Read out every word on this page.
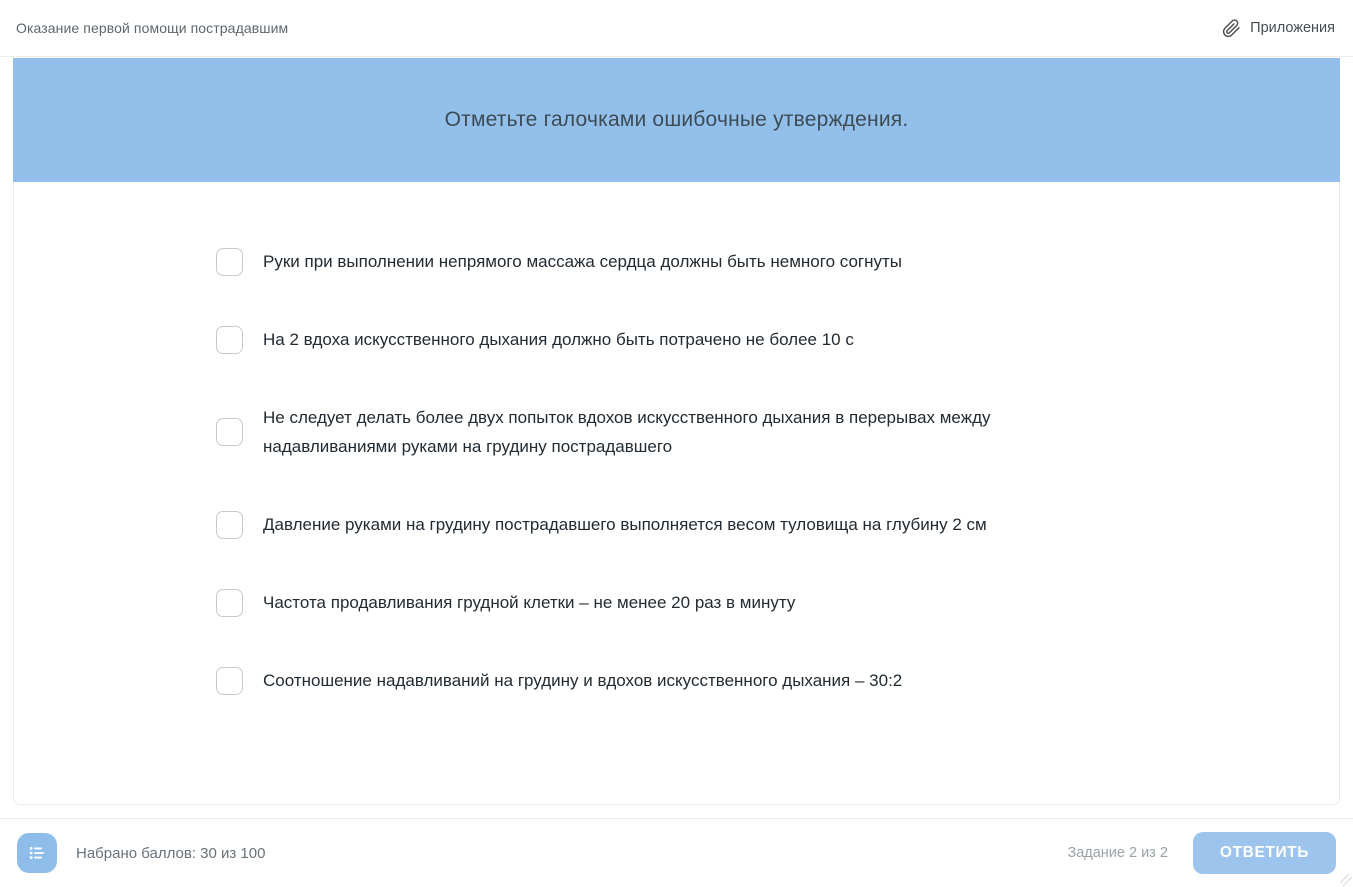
Оказание первой помощи пострадавшим	Приложения
Отметьте галочками ошибочные утверждения.
Руки при выполнении непрямого массажа сердца должны быть немного согнуты
На 2 вдоха искусственного дыхания должно быть потрачено не более 10 с
Не следует делать более двух попыток вдохов искусственного дыхания в перерывах между надавливаниями руками на грудину пострадавшего
Давление руками на грудину пострадавшего выполняется весом туловища на глубину 2 см
Частота продавливания грудной клетки – не менее 20 раз в минуту
Соотношение надавливаний на грудину и вдохов искусственного дыхания – 30:2
Набрано баллов: 30 из 100	Задание 2 из 2	ОТВЕТИТЬ
